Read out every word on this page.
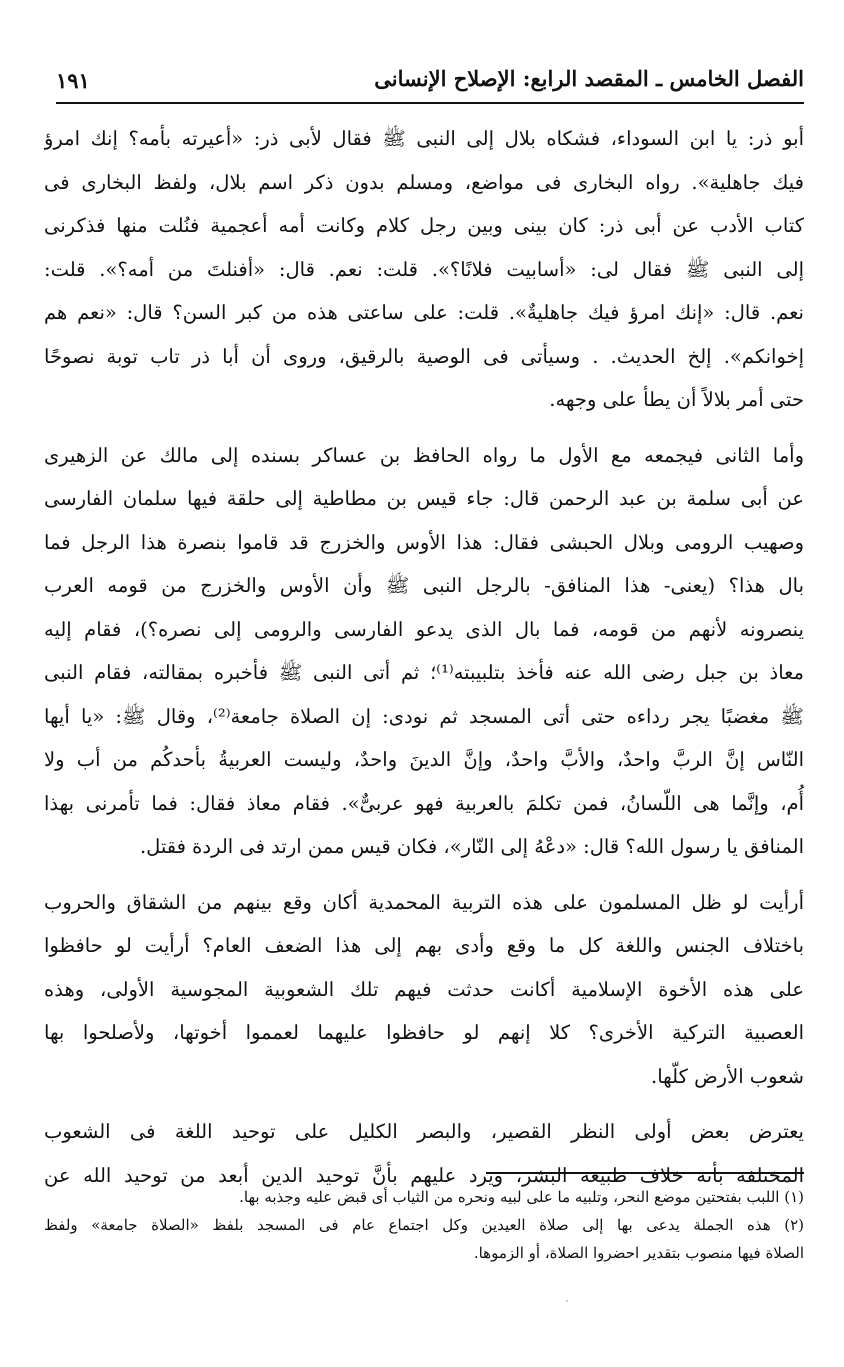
الفصل الخامس ـ المقصد الرابع: الإصلاح الإنسانى
١٩١
أبو ذر: يا ابن السوداء، فشكاه بلال إلى النبى ﷺ فقال لأبى ذر: «أعيرته بأمه؟ إنك امرؤ
فيك جاهلية». رواه البخارى فى مواضع، ومسلم بدون ذكر اسم بلال، ولفظ البخارى فى
كتاب الأدب عن أبى ذر: كان بينى وبين رجل كلام وكانت أمه أعجمية فنُلت منها فذكرنى
إلى النبى ﷺ فقال لى: «أسابيت فلانًا؟». قلت: نعم. قال: «أفنلتَ من أمه؟». قلت:
نعم. قال: «إنك امرؤ فيك جاهليةٌ». قلت: على ساعتى هذه من كبر السن؟ قال: «نعم هم
إخوانكم». إلخ الحديث. . وسيأتى فى الوصية بالرقيق، وروى أن أبا ذر تاب توبة نصوحًا
حتى أمر بلالاً أن يطأ على وجهه.
وأما الثانى فيجمعه مع الأول ما رواه الحافظ بن عساكر بسنده إلى مالك عن الزهيرى
عن أبى سلمة بن عبد الرحمن قال: جاء قيس بن مطاطية إلى حلقة فيها سلمان الفارسى
وصهيب الرومى وبلال الحبشى فقال: هذا الأوس والخزرج قد قاموا بنصرة هذا الرجل فما
بال هذا؟ (يعنى- هذا المنافق- بالرجل النبى ﷺ وأن الأوس والخزرج من قومه العرب
ينصرونه لأنهم من قومه، فما بال الذى يدعو الفارسى والرومى إلى نصره؟)، فقام إليه
معاذ بن جبل رضى الله عنه فأخذ بتلبيبته⁽¹⁾؛ ثم أتى النبى ﷺ فأخبره بمقالته، فقام النبى
ﷺ مغضبًا يجر رداءه حتى أتى المسجد ثم نودى: إن الصلاة جامعة⁽²⁾، وقال ﷺ: «يا أيها
النّاس إنَّ الربَّ واحدٌ، والأبَّ واحدٌ، وإنَّ الدينَ واحدٌ، وليست العربيةُ بأحدكُم من أب ولا
أُم، وإنَّما هى اللّسانُ، فمن تكلمَ بالعربية فهو عربىٌّ». فقام معاذ فقال: فما تأمرنى بهذا
المنافق يا رسول الله؟ قال: «دعْهُ إلى النّار»، فكان قيس ممن ارتد فى الردة فقتل.
أرأيت لو ظل المسلمون على هذه التربية المحمدية أكان وقع بينهم من الشقاق والحروب
باختلاف الجنس واللغة كل ما وقع وأدى بهم إلى هذا الضعف العام؟ أرأيت لو حافظوا
على هذه الأخوة الإسلامية أكانت حدثت فيهم تلك الشعوبية المجوسية الأولى، وهذه
العصبية التركية الأخرى؟ كلا إنهم لو حافظوا عليهما لعمموا أخوتها، ولأصلحوا بها
شعوب الأرض كلّها.
يعترض بعض أولى النظر القصير، والبصر الكليل على توحيد اللغة فى الشعوب
المختلفة بأنه خلاف طبيعة البشر، ويرد عليهم بأنَّ توحيد الدين أبعد من توحيد الله عن
(١) اللبب بفتحتين موضع النحر، وتلبيه ما على لبيه ونحره من الثياب أى قبض عليه وجذبه بها.
(٢) هذه الجملة يدعى بها إلى صلاة العيدين وكل اجتماع عام فى المسجد بلفظ «الصلاة جامعة» ولفظ
الصلاة فيها منصوب بتقدير احضروا الصلاة، أو الزموها.
